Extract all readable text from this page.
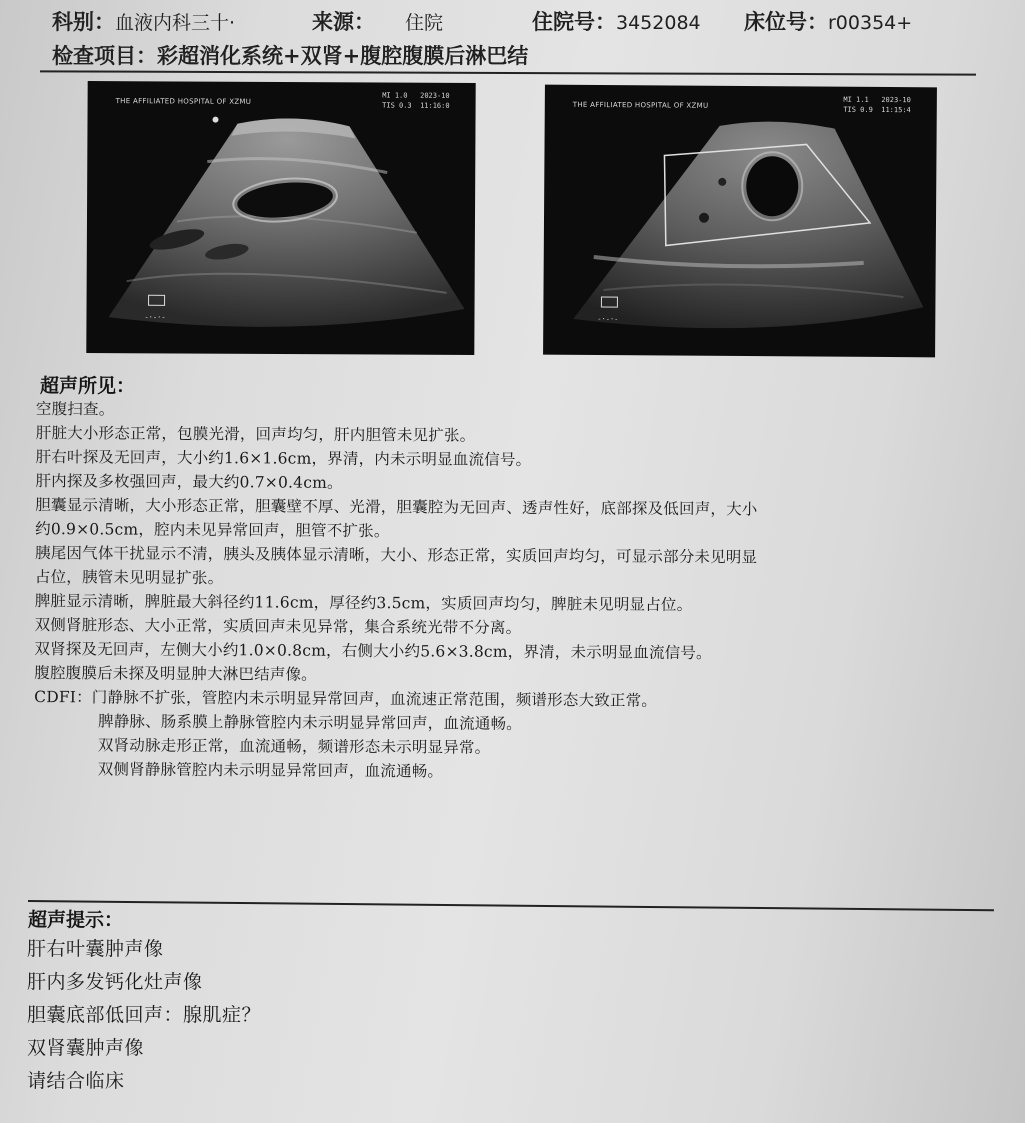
科别：血液内科三十·	来源： 住院	住院号：3452084 床位号：r00354+
检查项目：彩超消化系统+双肾+腹腔腹膜后淋巴结
-·-·-
THE AFFILIATED HOSPITAL OF XZMU
MI 1.0   2023-10
TIS 0.3  11:16:0
-·-·-
THE AFFILIATED HOSPITAL OF XZMU
MI 1.1   2023-10
TIS 0.9  11:15:4
超声所见：
空腹扫查。
肝脏大小形态正常，包膜光滑，回声均匀，肝内胆管未见扩张。
肝右叶探及无回声，大小约1.6×1.6cm，界清，内未示明显血流信号。
肝内探及多枚强回声，最大约0.7×0.4cm。
胆囊显示清晰，大小形态正常，胆囊壁不厚、光滑，胆囊腔为无回声、透声性好，底部探及低回声，大小
约0.9×0.5cm，腔内未见异常回声，胆管不扩张。
胰尾因气体干扰显示不清，胰头及胰体显示清晰，大小、形态正常，实质回声均匀，可显示部分未见明显
占位，胰管未见明显扩张。
脾脏显示清晰，脾脏最大斜径约11.6cm，厚径约3.5cm，实质回声均匀，脾脏未见明显占位。
双侧肾脏形态、大小正常，实质回声未见异常，集合系统光带不分离。
双肾探及无回声，左侧大小约1.0×0.8cm，右侧大小约5.6×3.8cm，界清，未示明显血流信号。
腹腔腹膜后未探及明显肿大淋巴结声像。
CDFI：门静脉不扩张，管腔内未示明显异常回声，血流速正常范围，频谱形态大致正常。
脾静脉、肠系膜上静脉管腔内未示明显异常回声，血流通畅。
双肾动脉走形正常，血流通畅，频谱形态未示明显异常。
双侧肾静脉管腔内未示明显异常回声，血流通畅。
超声提示：
肝右叶囊肿声像
肝内多发钙化灶声像
胆囊底部低回声：腺肌症？
双肾囊肿声像
请结合临床
